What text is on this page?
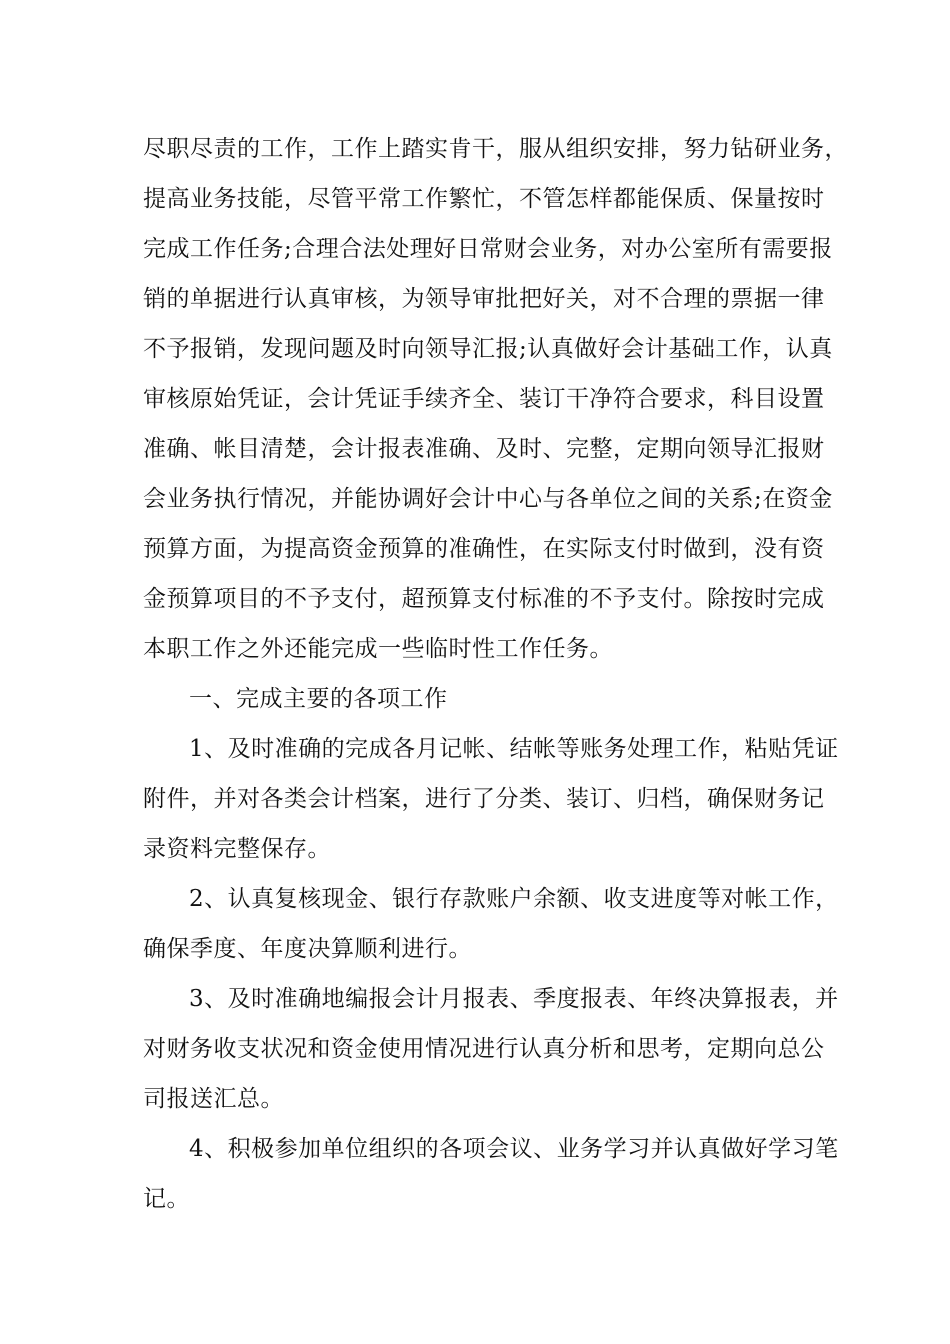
尽职尽责的工作，工作上踏实肯干，服从组织安排，努力钻研业务，
提高业务技能，尽管平常工作繁忙，不管怎样都能保质、保量按时
完成工作任务;合理合法处理好日常财会业务，对办公室所有需要报
销的单据进行认真审核，为领导审批把好关，对不合理的票据一律
不予报销，发现问题及时向领导汇报;认真做好会计基础工作，认真
审核原始凭证，会计凭证手续齐全、装订干净符合要求，科目设置
准确、帐目清楚，会计报表准确、及时、完整，定期向领导汇报财
会业务执行情况，并能协调好会计中心与各单位之间的关系;在资金
预算方面，为提高资金预算的准确性，在实际支付时做到，没有资
金预算项目的不予支付，超预算支付标准的不予支付。除按时完成
本职工作之外还能完成一些临时性工作任务。

一、完成主要的各项工作

1、及时准确的完成各月记帐、结帐等账务处理工作，粘贴凭证
附件，并对各类会计档案，进行了分类、装订、归档，确保财务记
录资料完整保存。

2、认真复核现金、银行存款账户余额、收支进度等对帐工作，
确保季度、年度决算顺利进行。

3、及时准确地编报会计月报表、季度报表、年终决算报表，并
对财务收支状况和资金使用情况进行认真分析和思考，定期向总公
司报送汇总。

4、积极参加单位组织的各项会议、业务学习并认真做好学习笔
记。
